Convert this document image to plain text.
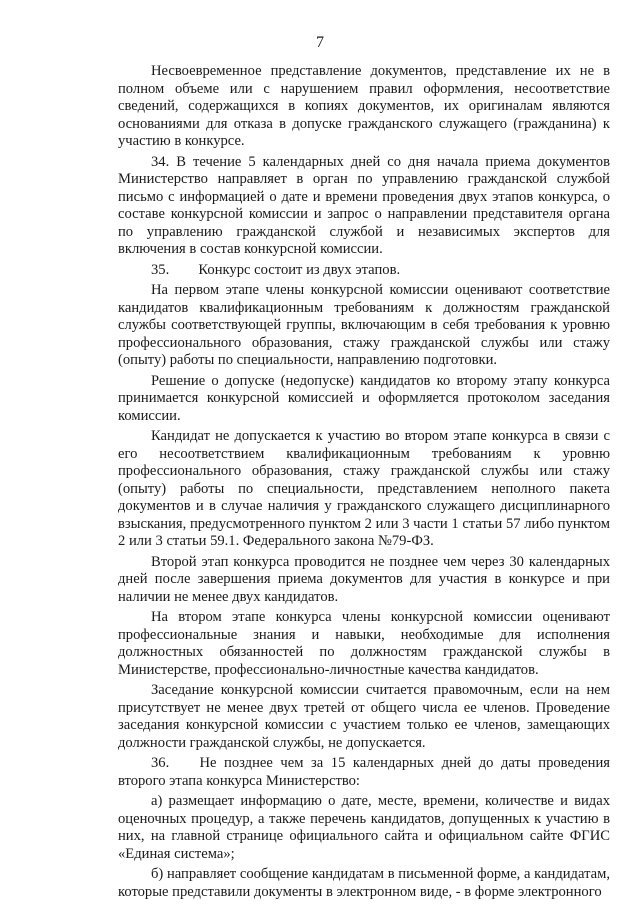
7

Несвоевременное представление документов, представление их не в полном объеме или с нарушением правил оформления, несоответствие сведений, содержащихся в копиях документов, их оригиналам являются основаниями для отказа в допуске гражданского служащего (гражданина) к участию в конкурсе.

34. В течение 5 календарных дней со дня начала приема документов Министерство направляет в орган по управлению гражданской службой письмо с информацией о дате и времени проведения двух этапов конкурса, о составе конкурсной комиссии и запрос о направлении представителя органа по управлению гражданской службой и независимых экспертов для включения в состав конкурсной комиссии.

35.        Конкурс состоит из двух этапов.

На первом этапе члены конкурсной комиссии оценивают соответствие кандидатов квалификационным требованиям к должностям гражданской службы соответствующей группы, включающим в себя требования к уровню профессионального образования, стажу гражданской службы или стажу (опыту) работы по специальности, направлению подготовки.

Решение о допуске (недопуске) кандидатов ко второму этапу конкурса принимается конкурсной комиссией и оформляется протоколом заседания комиссии.

Кандидат не допускается к участию во втором этапе конкурса в связи с его несоответствием квалификационным требованиям к уровню профессионального образования, стажу гражданской службы или стажу (опыту) работы по специальности, представлением неполного пакета документов и в случае наличия у гражданского служащего дисциплинарного взыскания, предусмотренного пунктом 2 или 3 части 1 статьи 57 либо пунктом 2 или 3 статьи 59.1. Федерального закона №79-ФЗ.

Второй этап конкурса проводится не позднее чем через 30 календарных дней после завершения приема документов для участия в конкурсе и при наличии не менее двух кандидатов.

На втором этапе конкурса члены конкурсной комиссии оценивают профессиональные знания и навыки, необходимые для исполнения должностных обязанностей по должностям гражданской службы в Министерстве, профессионально-личностные качества кандидатов.

Заседание конкурсной комиссии считается правомочным, если на нем присутствует не менее двух третей от общего числа ее членов. Проведение заседания конкурсной комиссии с участием только ее членов, замещающих должности гражданской службы, не допускается.

36.    Не позднее чем за 15 календарных дней до даты проведения второго этапа конкурса Министерство:

а) размещает информацию о дате, месте, времени, количестве и видах оценочных процедур, а также перечень кандидатов, допущенных к участию в них, на главной странице официального сайта и официальном сайте ФГИС «Единая система»;

б) направляет сообщение кандидатам в письменной форме, а кандидатам, которые представили документы в электронном виде, - в форме электронного
